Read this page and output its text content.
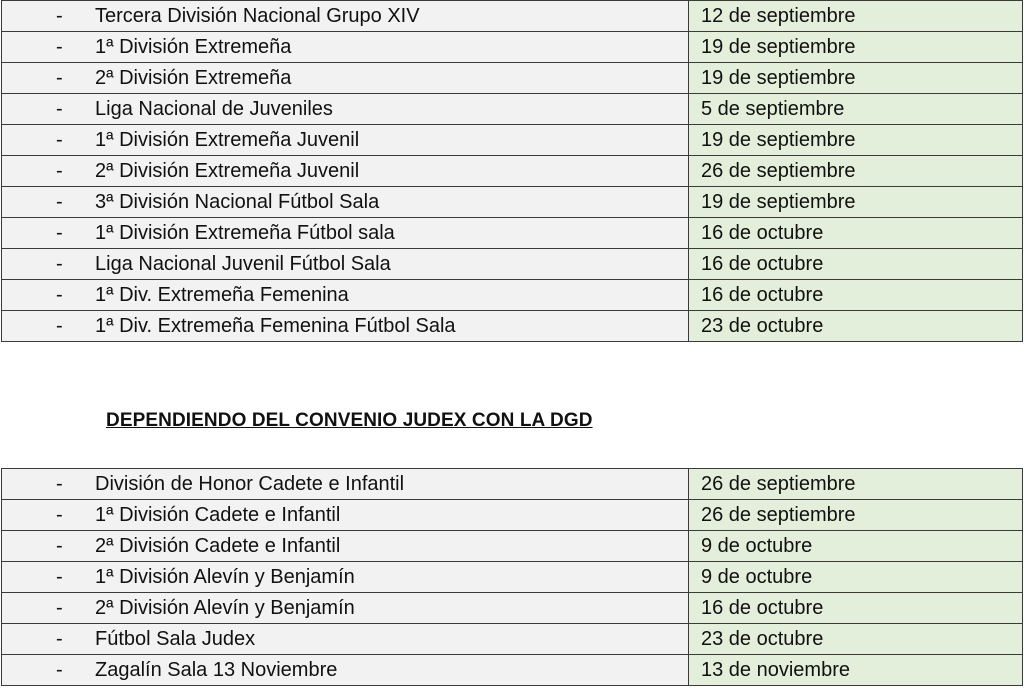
- Tercera División Nacional Grupo XIV	12 de septiembre
- 1ª División Extremeña	19 de septiembre
- 2ª División Extremeña	19 de septiembre
- Liga Nacional de Juveniles	5 de septiembre
- 1ª División Extremeña Juvenil	19 de septiembre
- 2ª División Extremeña Juvenil	26 de septiembre
- 3ª División Nacional Fútbol Sala	19 de septiembre
- 1ª División Extremeña Fútbol sala	16 de octubre
- Liga Nacional Juvenil Fútbol Sala	16 de octubre
- 1ª Div. Extremeña Femenina	16 de octubre
- 1ª Div. Extremeña Femenina Fútbol Sala	23 de octubre
DEPENDIENDO DEL CONVENIO JUDEX CON LA DGD
- División de Honor Cadete e Infantil	26 de septiembre
- 1ª División Cadete e Infantil	26 de septiembre
- 2ª División Cadete e Infantil	9 de octubre
- 1ª División Alevín y Benjamín	9 de octubre
- 2ª División Alevín y Benjamín	16 de octubre
- Fútbol Sala Judex	23 de octubre
- Zagalín Sala 13 Noviembre	13 de noviembre
